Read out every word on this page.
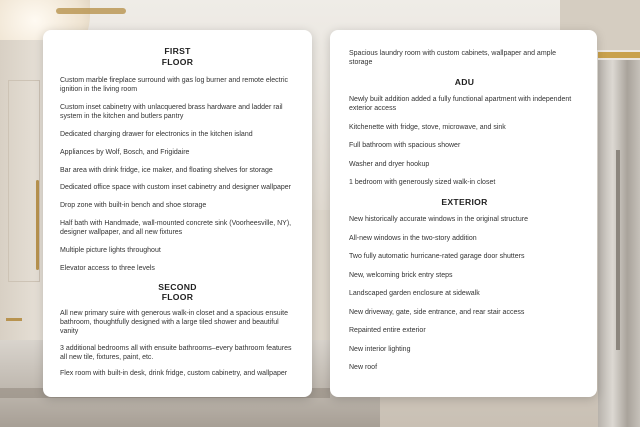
FIRST
FLOOR
Custom marble fireplace surround with gas log burner and remote electric ignition in the living room
Custom inset cabinetry with unlacquered brass hardware and ladder rail system in the kitchen and butlers pantry
Dedicated charging drawer for electronics in the kitchen island
Appliances by Wolf, Bosch, and Frigidaire
Bar area with drink fridge, ice maker, and floating shelves for storage
Dedicated office space with custom inset cabinetry and designer wallpaper
Drop zone with built-in bench and shoe storage
Half bath with Handmade, wall-mounted concrete sink (Voorheesville, NY), designer wallpaper, and all new fixtures
Multiple picture lights throughout
Elevator access to three levels
SECOND
FLOOR
All new primary suire with generous walk-in closet and a spacious ensuite bathroom, thoughtfully designed with a large tiled shower and beautiful vanity
3 additional bedrooms all with ensuite bathrooms–every bathroom features all new tile, fixtures, paint, etc.
Flex room with built-in desk, drink fridge, custom cabinetry, and wallpaper
Spacious laundry room with custom cabinets, wallpaper and ample storage
ADU
Newly built addition added a fully functional apartment with independent exterior access
Kitchenette with fridge, stove, microwave, and sink
Full bathroom with spacious shower
Washer and dryer hookup
1 bedroom with generously sized walk-in closet
EXTERIOR
New historically accurate windows in the original structure
All-new windows in the two-story addition
Two fully automatic hurricane-rated garage door shutters
New, welcoming brick entry steps
Landscaped garden enclosure at sidewalk
New driveway, gate, side entrance, and rear stair access
Repainted entire exterior
New interior lighting
New roof
